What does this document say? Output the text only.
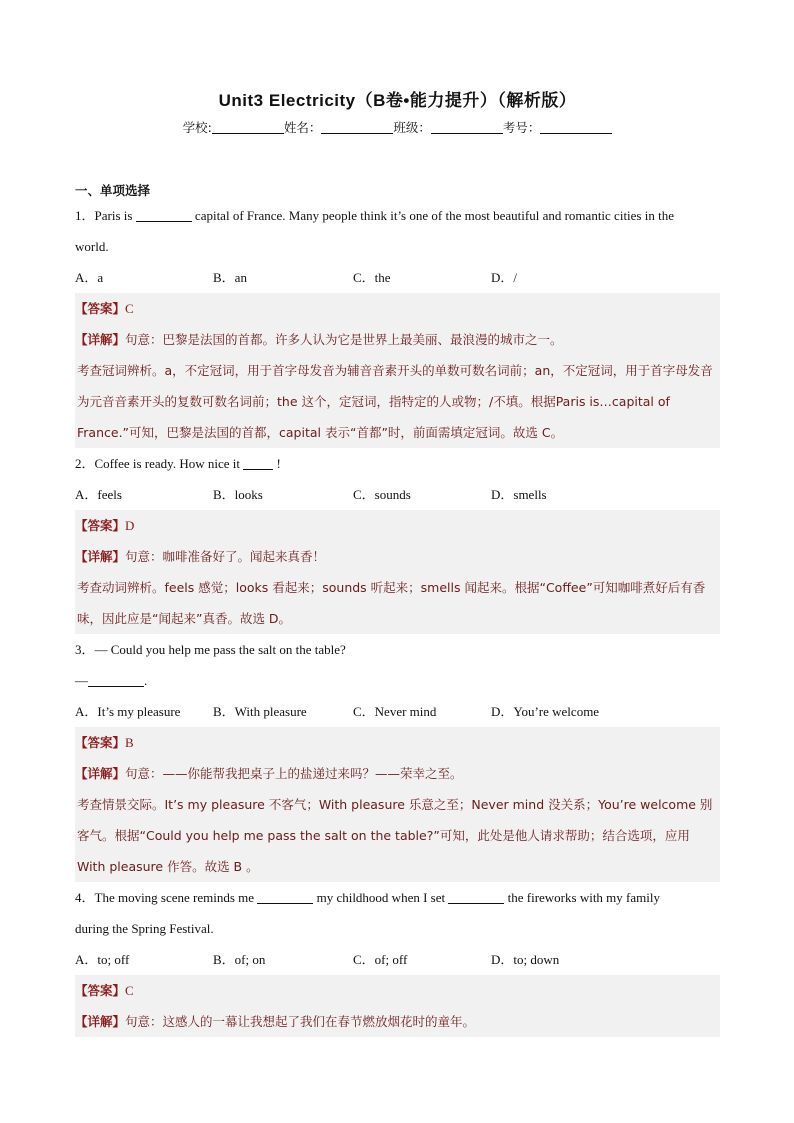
Unit3 Electricity（B卷•能力提升）（解析版）
学校:	姓名：	班级：	考号：
一、单项选择

1．Paris is	capital of France. Many people think it’s one of the most beautiful and romantic cities in the

world.

A．a	B．an	C．the	D．/

【答案】C

【详解】句意：巴黎是法国的首都。许多人认为它是世界上最美丽、最浪漫的城市之一。

考查冠词辨析。a，不定冠词，用于首字母发音为辅音音素开头的单数可数名词前；an，不定冠词，用于首字母发音为元音音素开头的复数可数名词前；the 这个，定冠词，指特定的人或物；/不填。根据Paris is…capital of France.”可知，巴黎是法国的首都，capital 表示“首都”时，前面需填定冠词。故选 C。

2．Coffee is ready. How nice it	!

A．feels	B．looks	C．sounds	D．smells

【答案】D

【详解】句意：咖啡准备好了。闻起来真香！

考查动词辨析。feels 感觉；looks 看起来；sounds 听起来；smells 闻起来。根据“Coffee”可知咖啡煮好后有香味，因此应是“闻起来”真香。故选 D。

3．— Could you help me pass the salt on the table?

—	.

A．It’s my pleasure	B．With pleasure	C．Never mind	D．You’re welcome

【答案】B

【详解】句意：——你能帮我把桌子上的盐递过来吗？——荣幸之至。

考查情景交际。It’s my pleasure 不客气；With pleasure 乐意之至；Never mind 没关系；You’re welcome 别客气。根据“Could you help me pass the salt on the table?”可知，此处是他人请求帮助；结合选项，应用 With pleasure 作答。故选 B 。

4．The moving scene reminds me	my childhood when I set	the fireworks with my family

during the Spring Festival.

A．to; off	B．of; on	C．of; off	D．to; down

【答案】C

【详解】句意：这感人的一幕让我想起了我们在春节燃放烟花时的童年。
